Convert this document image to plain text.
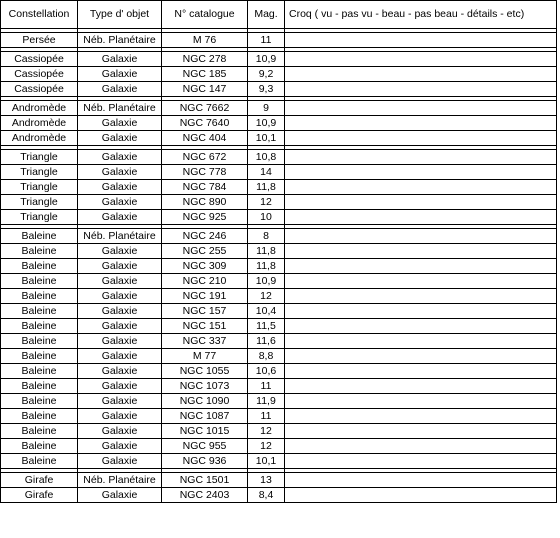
Constellation	Type d' objet	N° catalogue	Mag.	Croq ( vu - pas vu - beau - pas beau - détails - etc)

Persée	Néb. Planétaire	M 76	11	

Cassiopée	Galaxie	NGC 278	10,9	
Cassiopée	Galaxie	NGC 185	9,2	
Cassiopée	Galaxie	NGC 147	9,3	

Andromède	Néb. Planétaire	NGC 7662	9	
Andromède	Galaxie	NGC 7640	10,9	
Andromède	Galaxie	NGC 404	10,1	

Triangle	Galaxie	NGC 672	10,8	
Triangle	Galaxie	NGC 778	14	
Triangle	Galaxie	NGC 784	11,8	
Triangle	Galaxie	NGC 890	12	
Triangle	Galaxie	NGC 925	10	

Baleine	Néb. Planétaire	NGC 246	8	
Baleine	Galaxie	NGC 255	11,8	
Baleine	Galaxie	NGC 309	11,8	
Baleine	Galaxie	NGC 210	10,9	
Baleine	Galaxie	NGC 191	12	
Baleine	Galaxie	NGC 157	10,4	
Baleine	Galaxie	NGC 151	11,5	
Baleine	Galaxie	NGC 337	11,6	
Baleine	Galaxie	M 77	8,8	
Baleine	Galaxie	NGC 1055	10,6	
Baleine	Galaxie	NGC 1073	11	
Baleine	Galaxie	NGC 1090	11,9	
Baleine	Galaxie	NGC 1087	11	
Baleine	Galaxie	NGC 1015	12	
Baleine	Galaxie	NGC 955	12	
Baleine	Galaxie	NGC 936	10,1	

Girafe	Néb. Planétaire	NGC 1501	13	
Girafe	Galaxie	NGC 2403	8,4	
